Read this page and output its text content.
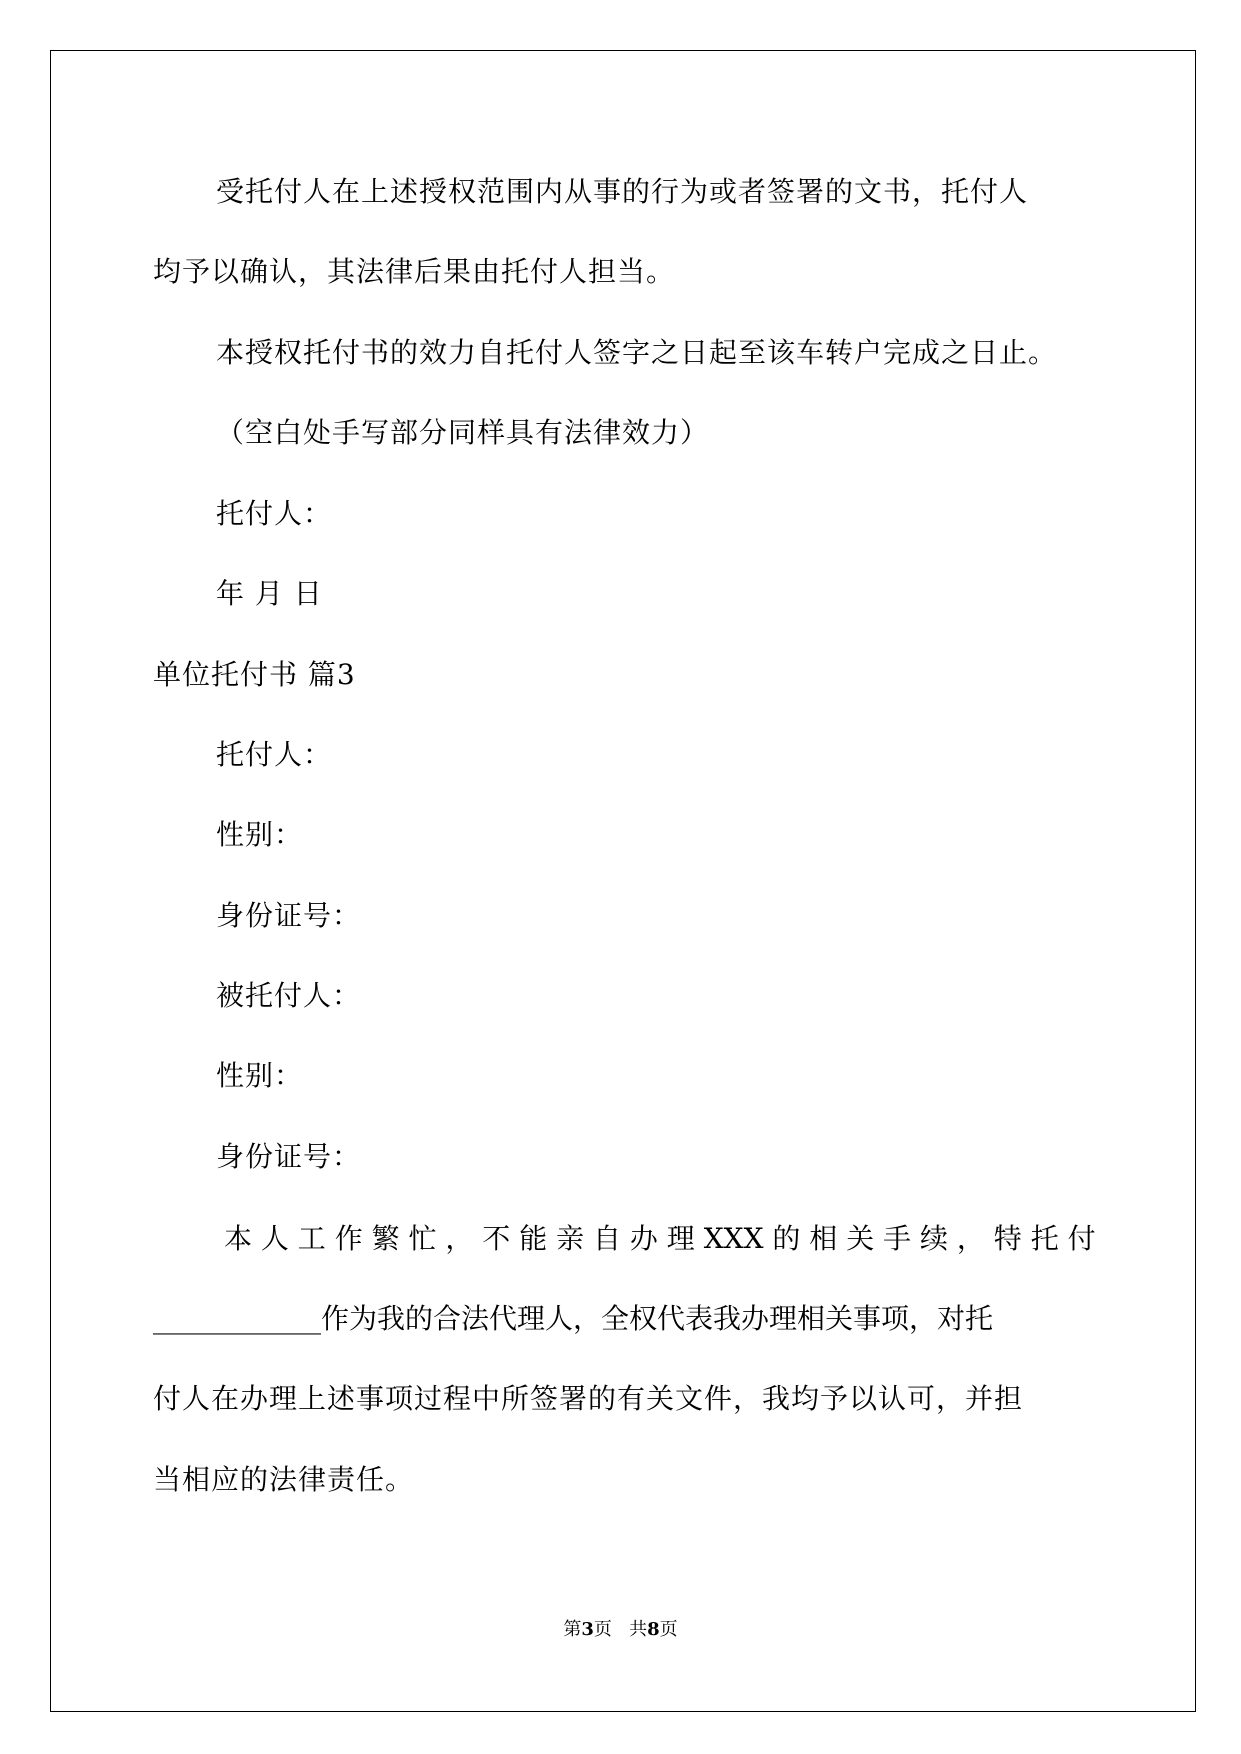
受托付人在上述授权范围内从事的行为或者签署的文书，托付人
均予以确认，其法律后果由托付人担当。
本授权托付书的效力自托付人签字之日起至该车转户完成之日止。
（空白处手写部分同样具有法律效力）
托付人：
年 月 日
单位托付书 篇3
托付人：
性别：
身份证号：
被托付人：
性别：
身份证号：
本 人 工 作 繁 忙 ， 不 能 亲 自 办 理 XXX 的 相 关 手 续 ， 特 托 付
____________作为我的合法代理人，全权代表我办理相关事项，对托
付人在办理上述事项过程中所签署的有关文件，我均予以认可，并担
当相应的法律责任。
第3页 共8页
